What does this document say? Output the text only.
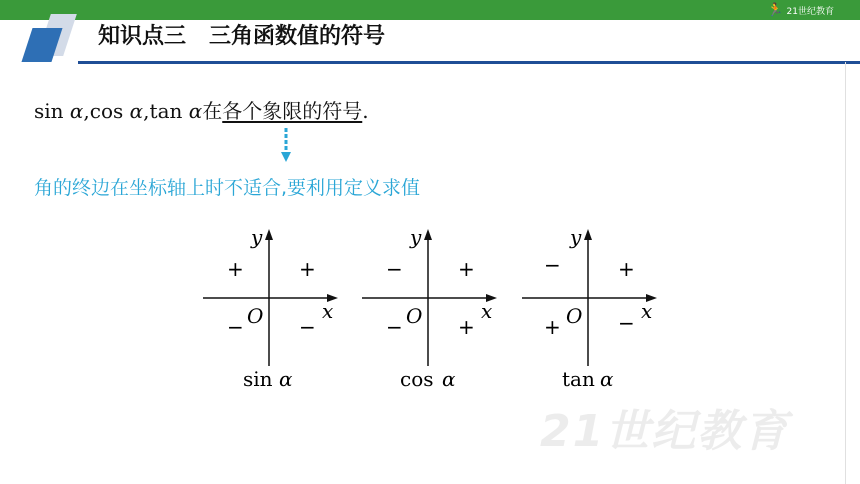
🏃 21世纪教育
知识点三   三角函数值的符号
sin α,cos α,tan α在各个象限的符号.
角的终边在坐标轴上时不适合,要利用定义求值
y
x
O
+	+
−	−
sin α
y
x
O
−	+
−	+
cos α
y
x
O
−	+
+	−
tan α
21世纪教育
